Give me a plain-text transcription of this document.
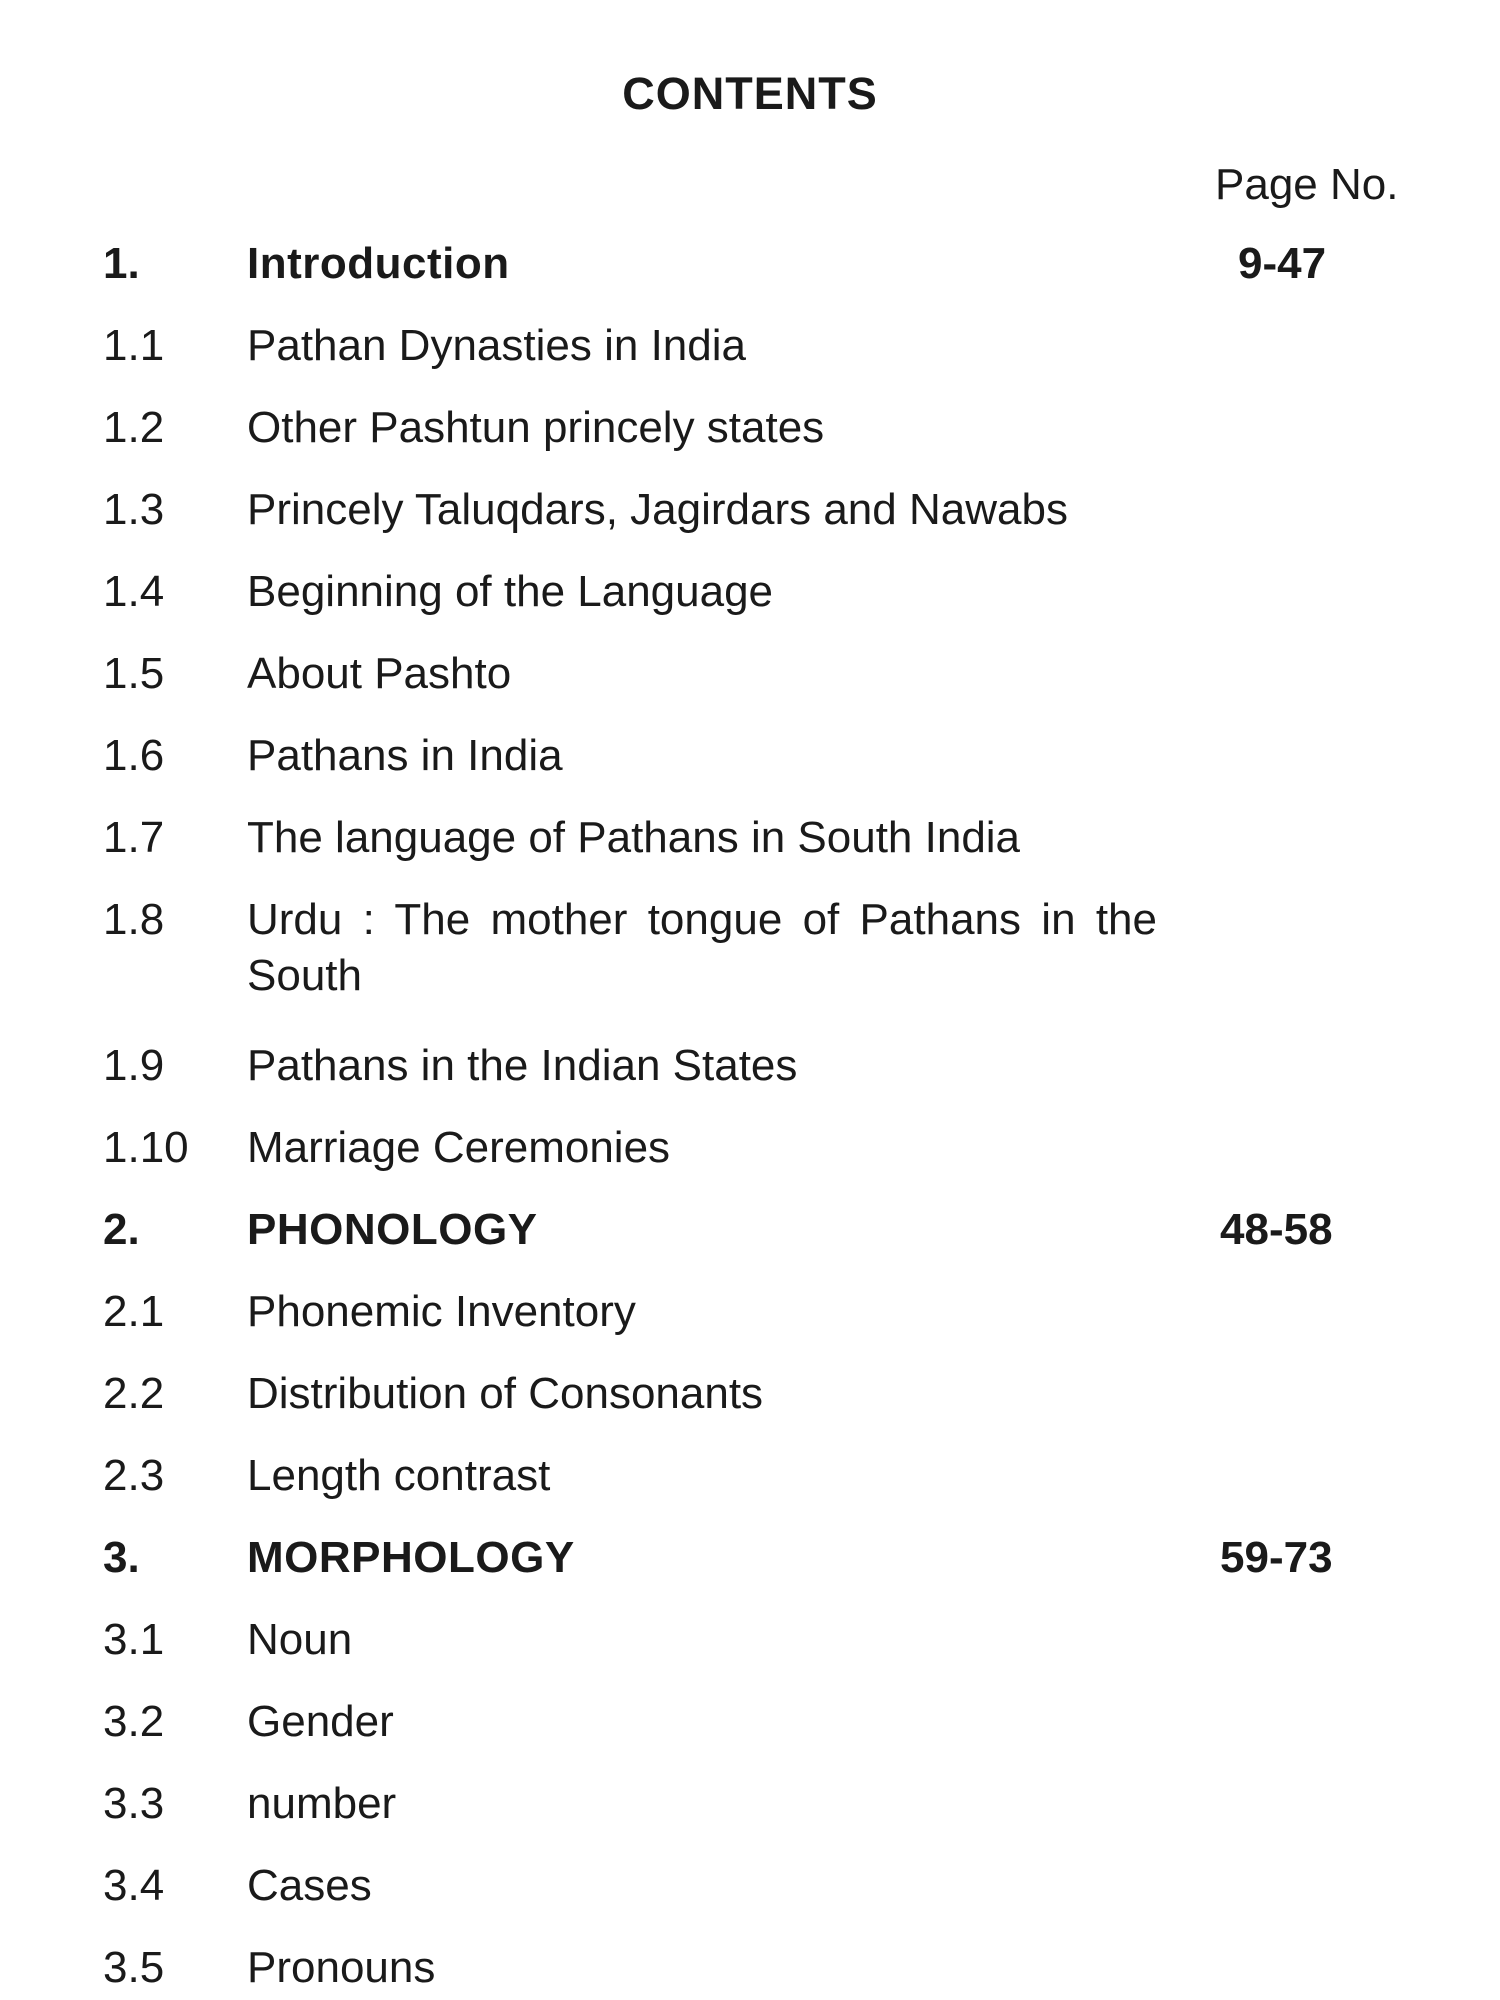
CONTENTS
Page No.
1. Introduction	9-47
1.1 Pathan Dynasties in India
1.2 Other Pashtun princely states
1.3 Princely Taluqdars, Jagirdars and Nawabs
1.4 Beginning of the Language
1.5 About Pashto
1.6 Pathans in India
1.7 The language of Pathans in South India
1.8 Urdu : The mother tongue of Pathans in the South
1.9 Pathans in the Indian States
1.10 Marriage Ceremonies
2. PHONOLOGY	48-58
2.1 Phonemic Inventory
2.2 Distribution of Consonants
2.3 Length contrast
3. MORPHOLOGY	59-73
3.1 Noun
3.2 Gender
3.3 number
3.4 Cases
3.5 Pronouns
